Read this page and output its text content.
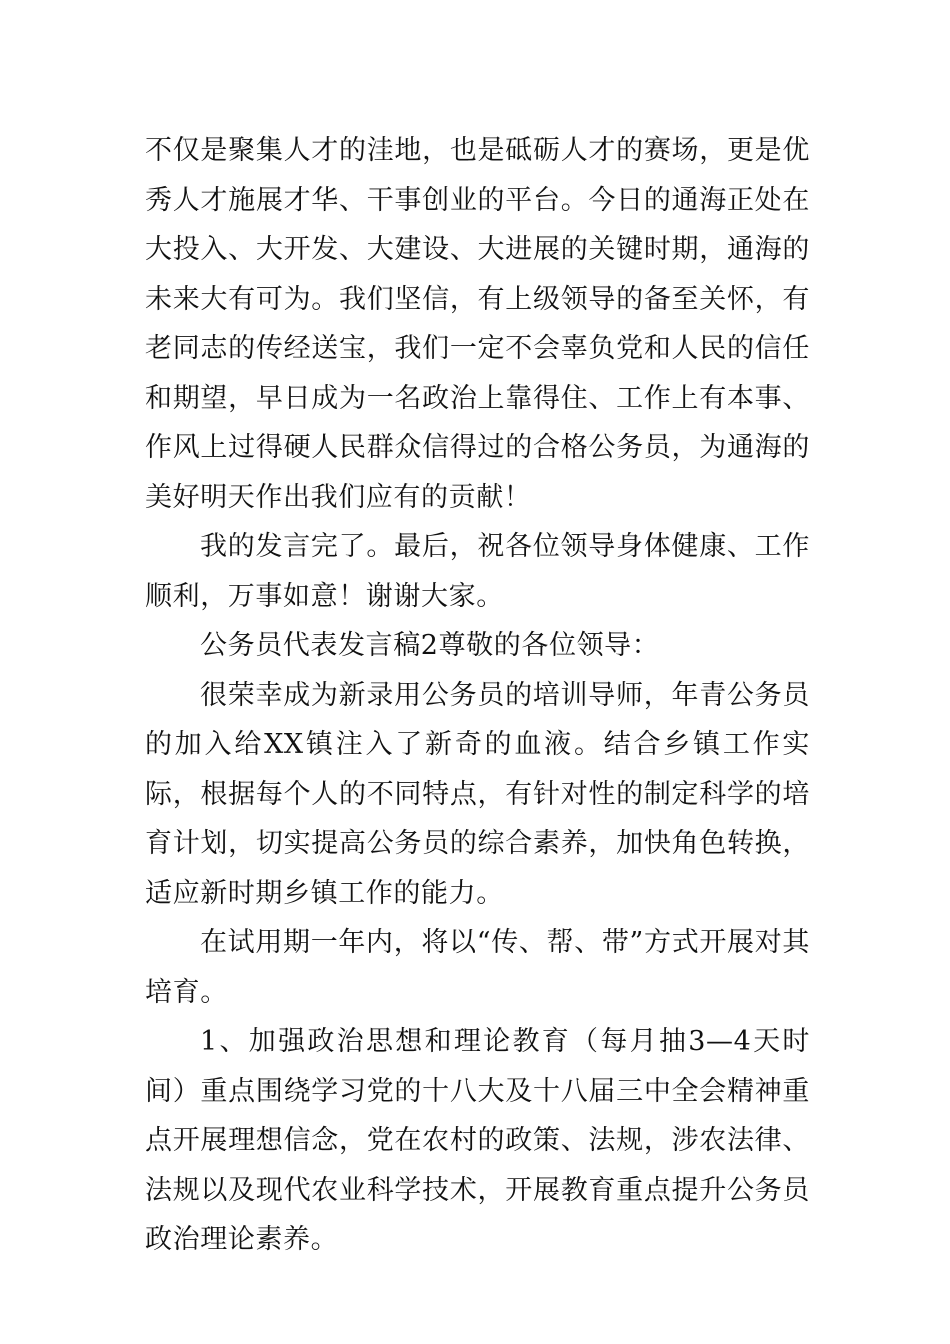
不仅是聚集人才的洼地，也是砥砺人才的赛场，更是优秀人才施展才华、干事创业的平台。今日的通海正处在大投入、大开发、大建设、大进展的关键时期，通海的未来大有可为。我们坚信，有上级领导的备至关怀，有老同志的传经送宝，我们一定不会辜负党和人民的信任和期望，早日成为一名政治上靠得住、工作上有本事、作风上过得硬人民群众信得过的合格公务员，为通海的美好明天作出我们应有的贡献！

我的发言完了。最后，祝各位领导身体健康、工作顺利，万事如意！谢谢大家。

公务员代表发言稿2尊敬的各位领导：

很荣幸成为新录用公务员的培训导师，年青公务员的加入给XX镇注入了新奇的血液。结合乡镇工作实际，根据每个人的不同特点，有针对性的制定科学的培育计划，切实提高公务员的综合素养，加快角色转换，适应新时期乡镇工作的能力。

在试用期一年内，将以“传、帮、带”方式开展对其培育。

1、加强政治思想和理论教育（每月抽3—4天时间）重点围绕学习党的十八大及十八届三中全会精神重点开展理想信念，党在农村的政策、法规，涉农法律、法规以及现代农业科学技术，开展教育重点提升公务员政治理论素养。
